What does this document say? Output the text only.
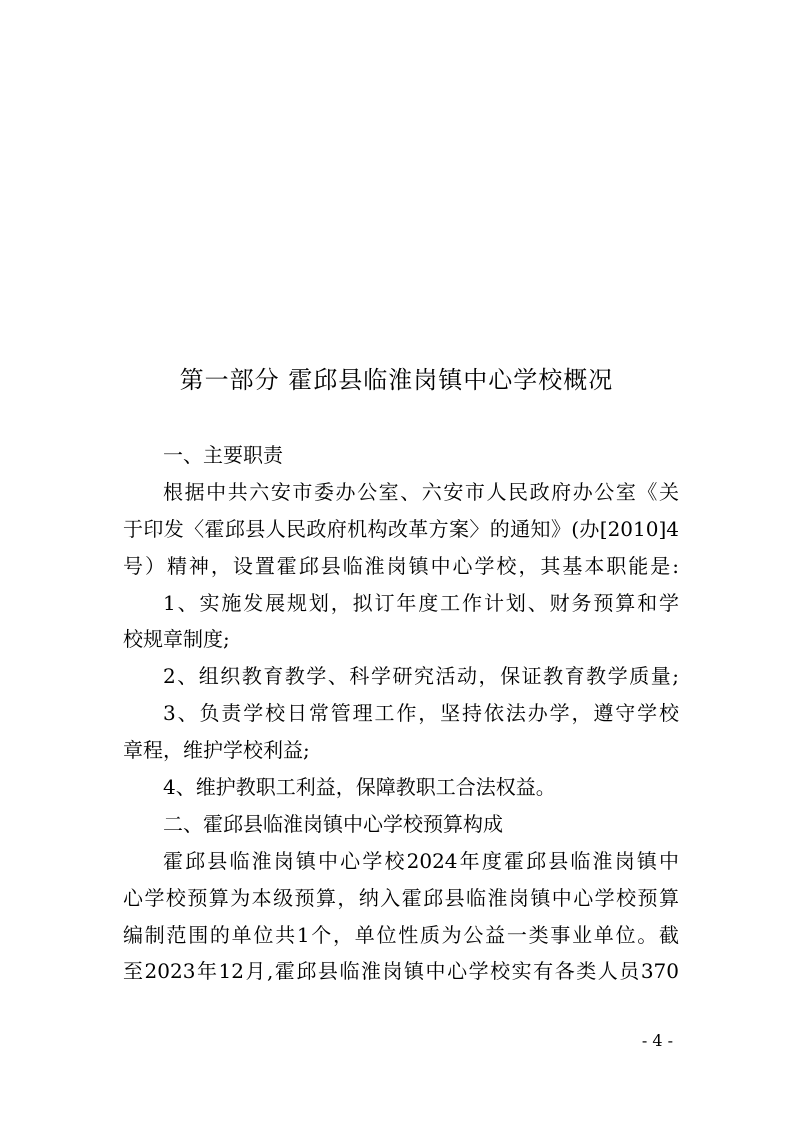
第一部分 霍邱县临淮岗镇中心学校概况
一、主要职责
根据中共六安市委办公室、六安市人民政府办公室《关
于印发〈霍邱县人民政府机构改革方案〉的通知》(办[2010]4
号）精神，设置霍邱县临淮岗镇中心学校，其基本职能是:
1、实施发展规划，拟订年度工作计划、财务预算和学
校规章制度;
2、组织教育教学、科学研究活动，保证教育教学质量;
3、负责学校日常管理工作，坚持依法办学，遵守学校
章程，维护学校利益;
4、维护教职工利益，保障教职工合法权益。
二、霍邱县临淮岗镇中心学校预算构成
霍邱县临淮岗镇中心学校2024年度霍邱县临淮岗镇中
心学校预算为本级预算，纳入霍邱县临淮岗镇中心学校预算
编制范围的单位共1个，单位性质为公益一类事业单位。截
至2023年12月,霍邱县临淮岗镇中心学校实有各类人员370
- 4 -
